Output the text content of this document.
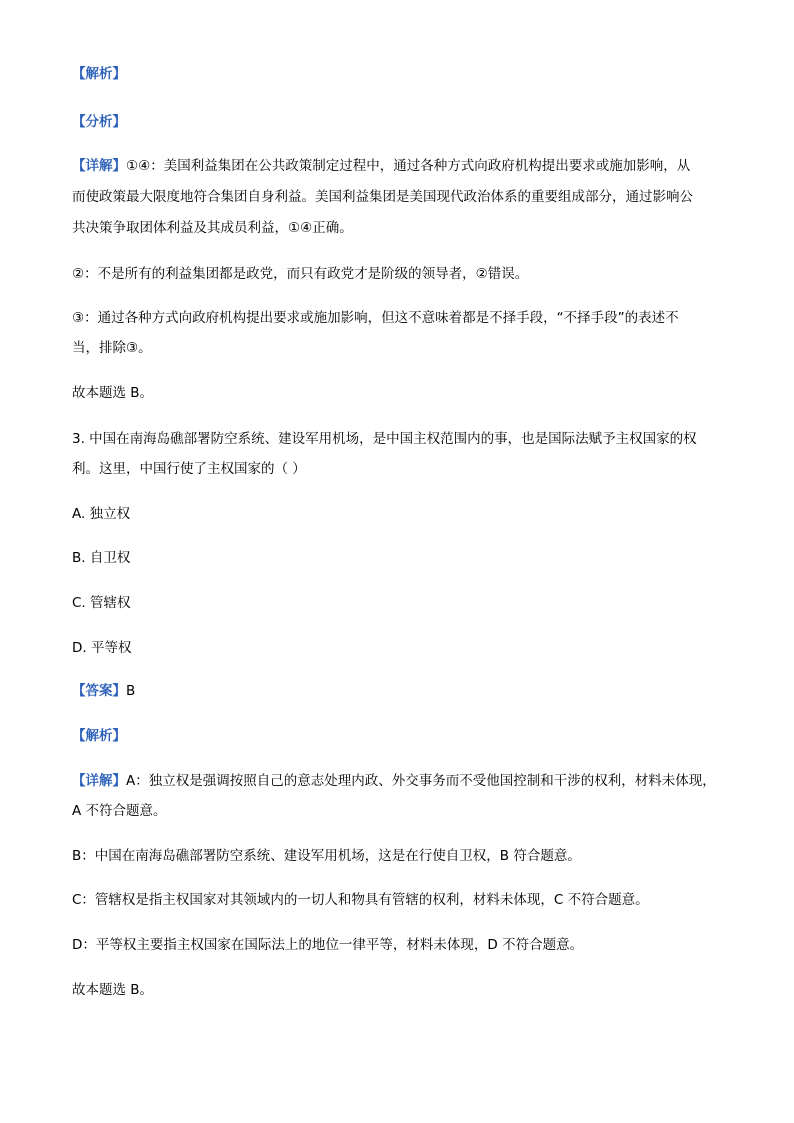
【解析】
【分析】
【详解】①④：美国利益集团在公共政策制定过程中，通过各种方式向政府机构提出要求或施加影响，从
而使政策最大限度地符合集团自身利益。美国利益集团是美国现代政治体系的重要组成部分，通过影响公
共决策争取团体利益及其成员利益，①④正确。
②：不是所有的利益集团都是政党，而只有政党才是阶级的领导者，②错误。
③：通过各种方式向政府机构提出要求或施加影响，但这不意味着都是不择手段，“不择手段”的表述不
当，排除③。
故本题选 B。
3. 中国在南海岛礁部署防空系统、建设军用机场，是中国主权范围内的事，也是国际法赋予主权国家的权
利。这里，中国行使了主权国家的（ ）
A. 独立权
B. 自卫权
C. 管辖权
D. 平等权
【答案】B
【解析】
【详解】A：独立权是强调按照自己的意志处理内政、外交事务而不受他国控制和干涉的权利，材料未体现，
A 不符合题意。
B：中国在南海岛礁部署防空系统、建设军用机场，这是在行使自卫权，B 符合题意。
C：管辖权是指主权国家对其领域内的一切人和物具有管辖的权利，材料未体现，C 不符合题意。
D：平等权主要指主权国家在国际法上的地位一律平等，材料未体现，D 不符合题意。
故本题选 B。
